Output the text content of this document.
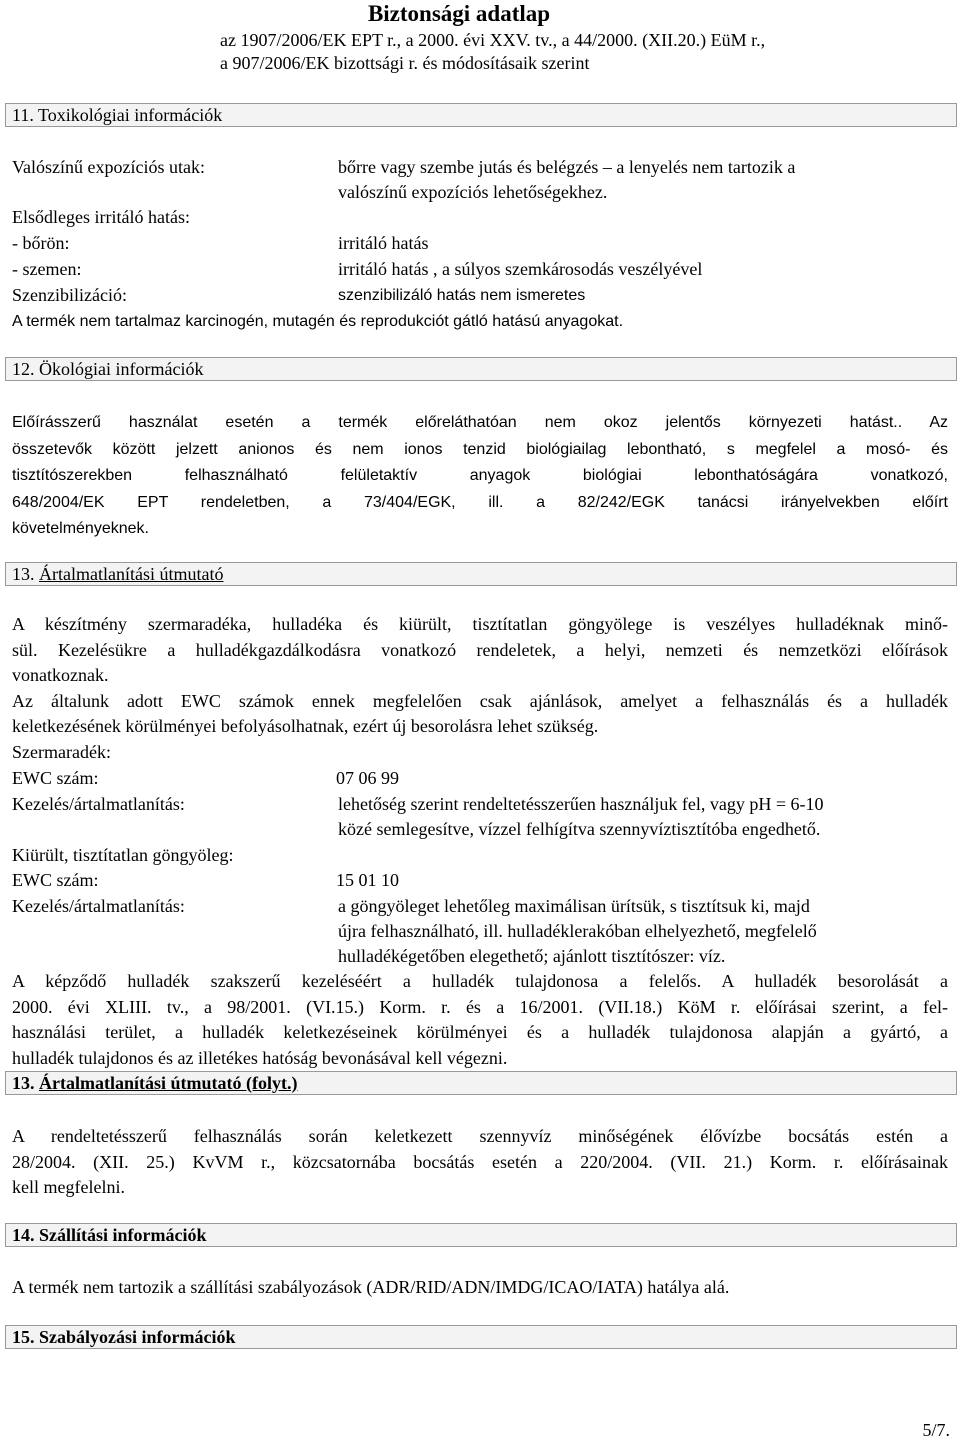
Biztonsági adatlap
az 1907/2006/EK EPT r., a 2000. évi XXV. tv., a 44/2000. (XII.20.) EüM r.,
a 907/2006/EK bizottsági r. és módosításaik szerint
11. Toxikológiai információk
Valószínű expozíciós utak:	bőrre vagy szembe jutás és belégzés – a lenyelés nem tartozik a
valószínű expozíciós lehetőségekhez.
Elsődleges irritáló hatás:
- bőrön:	irritáló hatás
- szemen:	irritáló hatás , a súlyos szemkárosodás veszélyével
Szenzibilizáció:	szenzibilizáló hatás nem ismeretes
A termék nem tartalmaz karcinogén, mutagén és reprodukciót gátló hatású anyagokat.
12. Ökológiai információk
Előírásszerű használat esetén a termék előreláthatóan nem okoz jelentős környezeti hatást.. Az
összetevők között jelzett anionos és nem ionos tenzid biológiailag lebontható, s megfelel a mosó- és
tisztítószerekben felhasználható felületaktív anyagok biológiai lebonthatóságára vonatkozó,
648/2004/EK EPT rendeletben, a 73/404/EGK, ill. a 82/242/EGK tanácsi irányelvekben előírt
követelményeknek.
13. Ártalmatlanítási útmutató
A készítmény szermaradéka, hulladéka és kiürült, tisztítatlan göngyölege is veszélyes hulladéknak minő-
sül. Kezelésükre a hulladékgazdálkodásra vonatkozó rendeletek, a helyi, nemzeti és nemzetközi előírások
vonatkoznak.
Az általunk adott EWC számok ennek megfelelően csak ajánlások, amelyet a felhasználás és a hulladék
keletkezésének körülményei befolyásolhatnak, ezért új besorolásra lehet szükség.
Szermaradék:
EWC szám:	07 06 99
Kezelés/ártalmatlanítás:	lehetőség szerint rendeltetésszerűen használjuk fel, vagy pH = 6-10
közé semlegesítve, vízzel felhígítva szennyvíztisztítóba engedhető.
Kiürült, tisztítatlan göngyöleg:
EWC szám:	15 01 10
Kezelés/ártalmatlanítás:	a göngyöleget lehetőleg maximálisan ürítsük, s tisztítsuk ki, majd
újra felhasználható, ill. hulladéklerakóban elhelyezhető, megfelelő
hulladékégetőben elegethető; ajánlott tisztítószer: víz.
A képződő hulladék szakszerű kezeléséért a hulladék tulajdonosa a felelős. A hulladék besorolását a
2000. évi XLIII. tv., a 98/2001. (VI.15.) Korm. r. és a 16/2001. (VII.18.) KöM r. előírásai szerint, a fel-
használási terület, a hulladék keletkezéseinek körülményei és a hulladék tulajdonosa alapján a gyártó, a
hulladék tulajdonos és az illetékes hatóság bevonásával kell végezni.
13. Ártalmatlanítási útmutató (folyt.)
A rendeltetésszerű felhasználás során keletkezett szennyvíz minőségének élővízbe bocsátás estén a
28/2004. (XII. 25.) KvVM r., közcsatornába bocsátás esetén a 220/2004. (VII. 21.) Korm. r. előírásainak
kell megfelelni.
14. Szállítási információk
A termék nem tartozik a szállítási szabályozások (ADR/RID/ADN/IMDG/ICAO/IATA) hatálya alá.
15. Szabályozási információk
5/7.
